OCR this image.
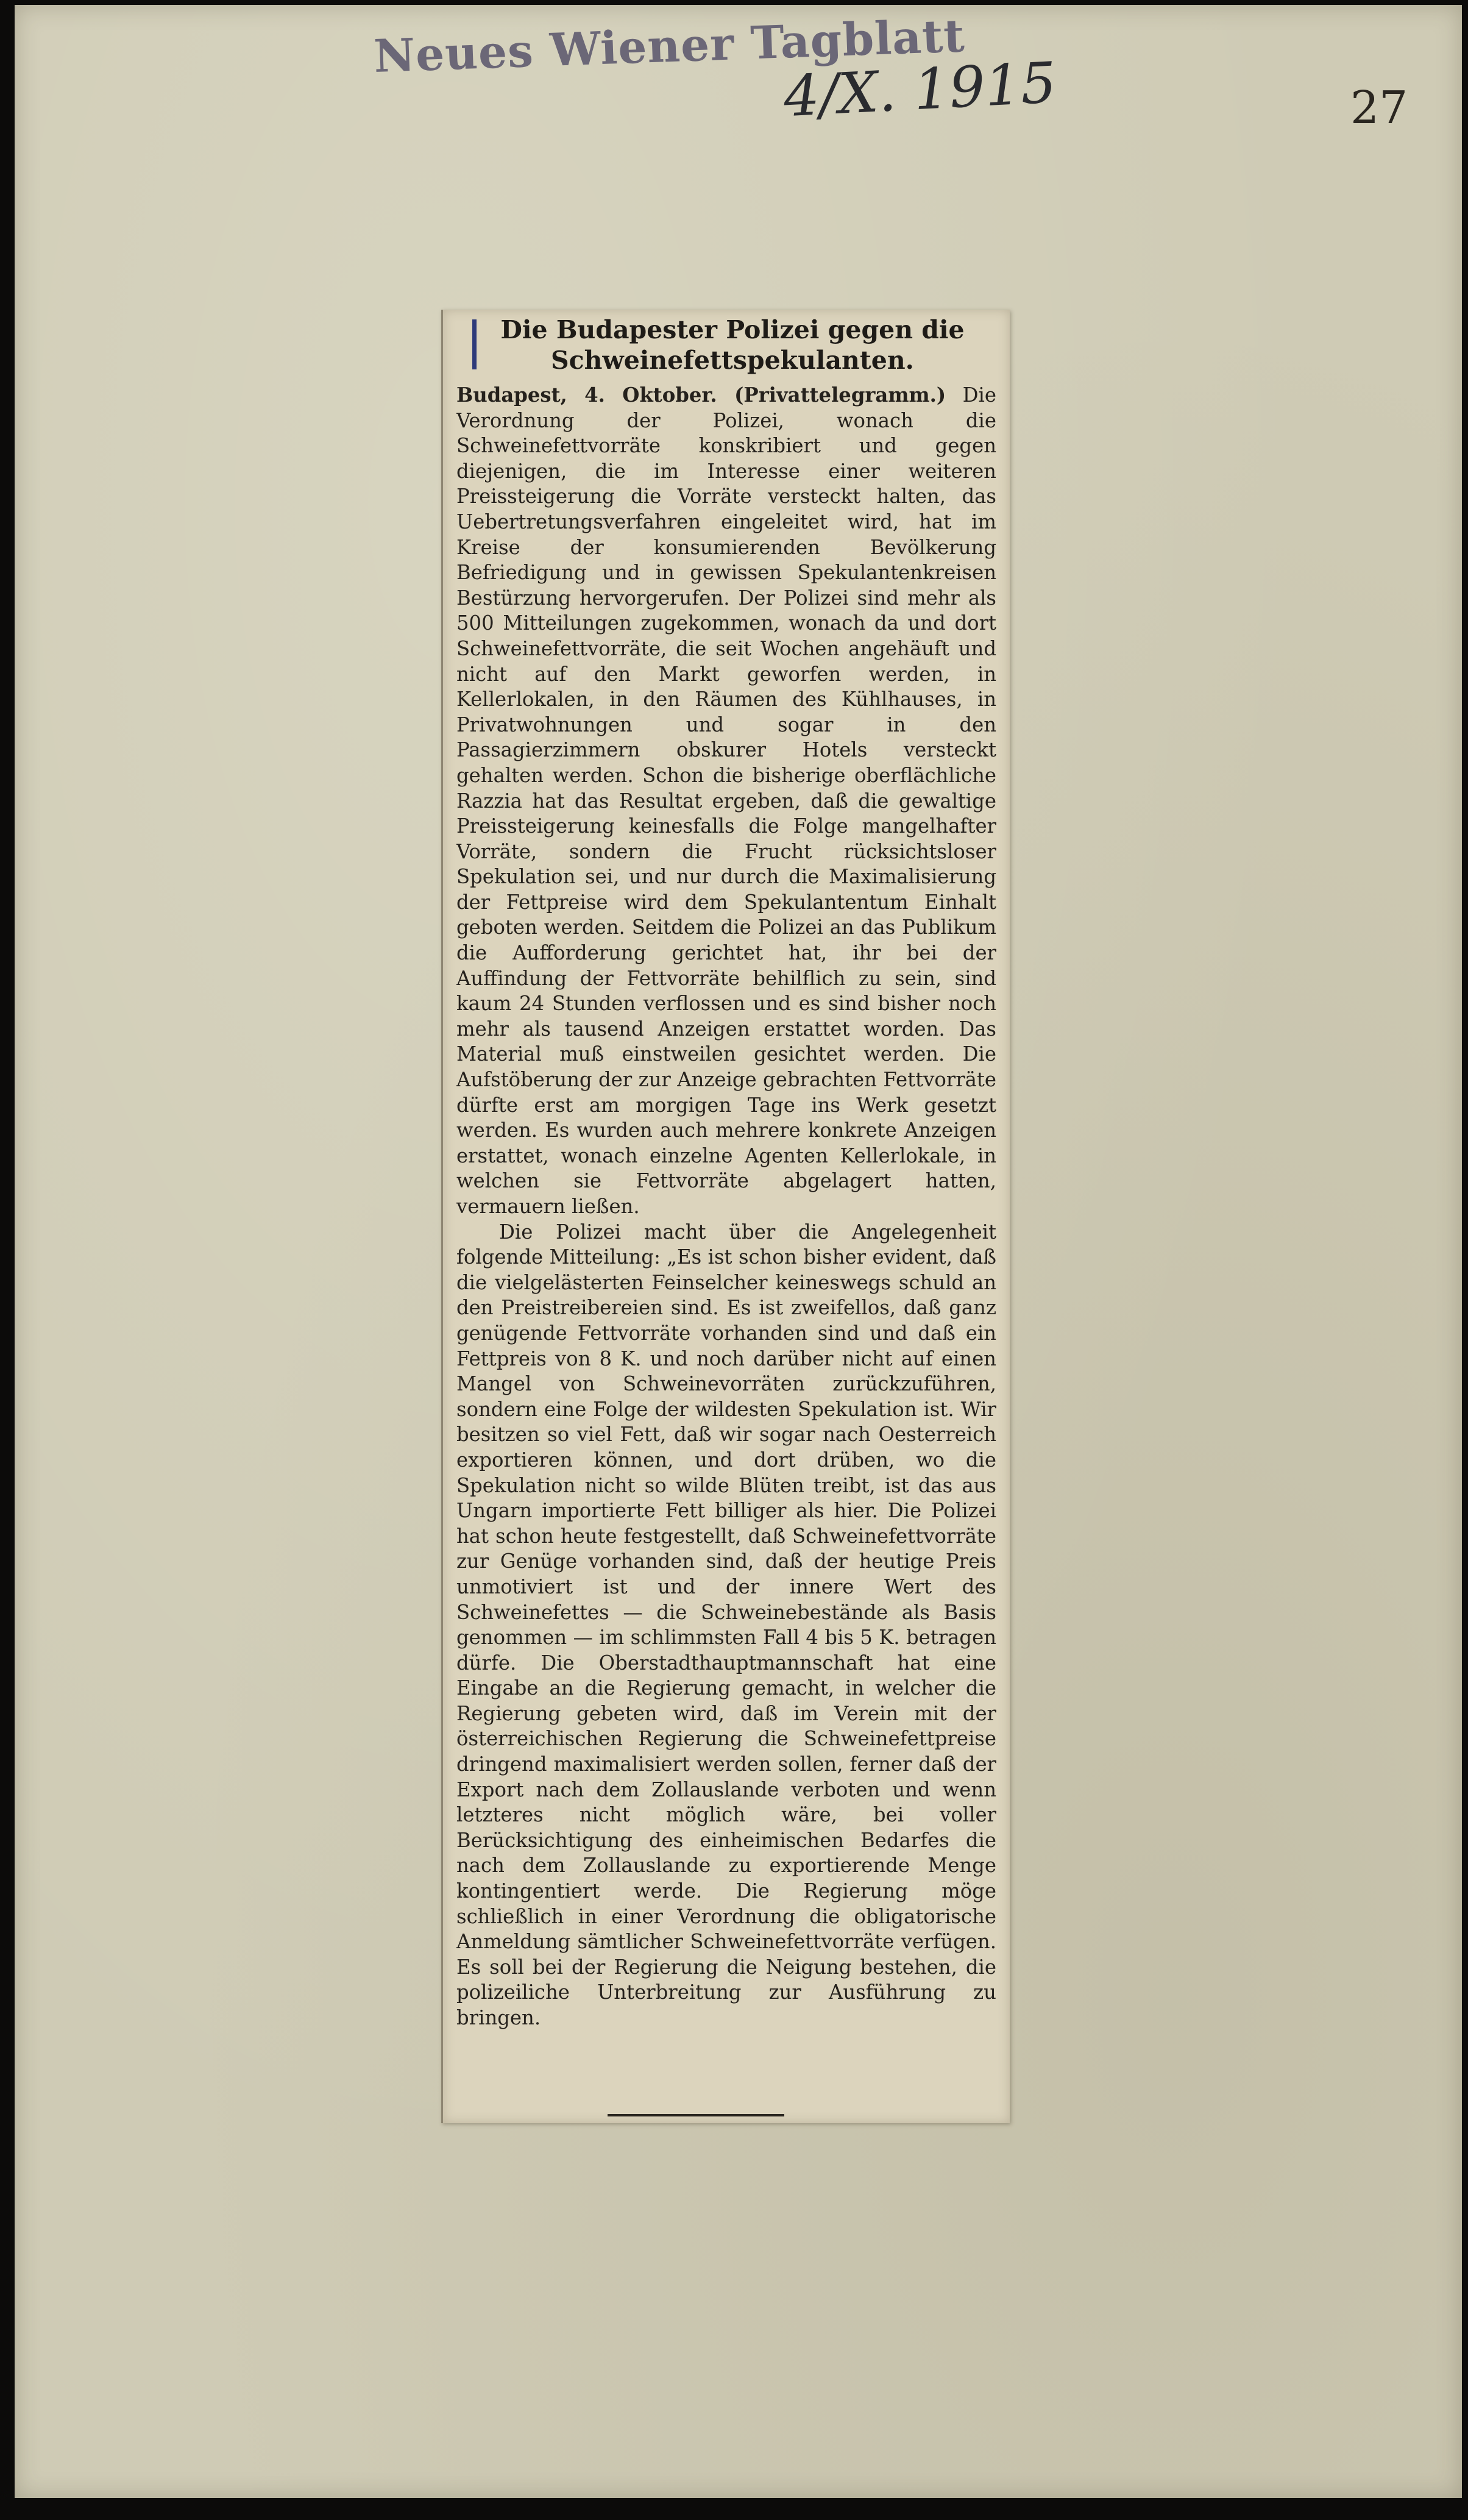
Neues Wiener Tagblatt
4/X. 1915	27
Die Budapester Polizei gegen die
Schweinefettspekulanten.

Budapest, 4. Oktober. (Privattelegramm.) Die Verordnung der Polizei, wonach die Schweinefettvorräte konskribiert und gegen diejenigen, die im Interesse einer weiteren Preissteigerung die Vorräte versteckt halten, das Uebertretungsverfahren eingeleitet wird, hat im Kreise der konsumierenden Bevölkerung Befriedigung und in gewissen Spekulantenkreisen Bestürzung hervorgerufen. Der Polizei sind mehr als 500 Mitteilungen zugekommen, wonach da und dort Schweinefettvorräte, die seit Wochen angehäuft und nicht auf den Markt geworfen werden, in Kellerlokalen, in den Räumen des Kühlhauses, in Privatwohnungen und sogar in den Passagierzimmern obskurer Hotels versteckt gehalten werden. Schon die bisherige oberflächliche Razzia hat das Resultat ergeben, daß die gewaltige Preissteigerung keinesfalls die Folge mangelhafter Vorräte, sondern die Frucht rücksichtsloser Spekulation sei, und nur durch die Maximalisierung der Fettpreise wird dem Spekulantentum Einhalt geboten werden. Seitdem die Polizei an das Publikum die Aufforderung gerichtet hat, ihr bei der Auffindung der Fettvorräte behilflich zu sein, sind kaum 24 Stunden verflossen und es sind bisher noch mehr als tausend Anzeigen erstattet worden. Das Material muß einstweilen gesichtet werden. Die Aufstöberung der zur Anzeige gebrachten Fettvorräte dürfte erst am morgigen Tage ins Werk gesetzt werden. Es wurden auch mehrere konkrete Anzeigen erstattet, wonach einzelne Agenten Kellerlokale, in welchen sie Fettvorräte abgelagert hatten, vermauern ließen.

Die Polizei macht über die Angelegenheit folgende Mitteilung: „Es ist schon bisher evident, daß die vielgelästerten Feinselcher keineswegs schuld an den Preistreibereien sind. Es ist zweifellos, daß ganz genügende Fettvorräte vorhanden sind und daß ein Fettpreis von 8 K. und noch darüber nicht auf einen Mangel von Schweinevorräten zurückzuführen, sondern eine Folge der wildesten Spekulation ist. Wir besitzen so viel Fett, daß wir sogar nach Oesterreich exportieren können, und dort drüben, wo die Spekulation nicht so wilde Blüten treibt, ist das aus Ungarn importierte Fett billiger als hier. Die Polizei hat schon heute festgestellt, daß Schweinefettvorräte zur Genüge vorhanden sind, daß der heutige Preis unmotiviert ist und der innere Wert des Schweinefettes — die Schweinebestände als Basis genommen — im schlimmsten Fall 4 bis 5 K. betragen dürfe. Die Oberstadthauptmannschaft hat eine Eingabe an die Regierung gemacht, in welcher die Regierung gebeten wird, daß im Verein mit der österreichischen Regierung die Schweinefettpreise dringend maximalisiert werden sollen, ferner daß der Export nach dem Zollauslande verboten und wenn letzteres nicht möglich wäre, bei voller Berücksichtigung des einheimischen Bedarfes die nach dem Zollauslande zu exportierende Menge kontingentiert werde. Die Regierung möge schließlich in einer Verordnung die obligatorische Anmeldung sämtlicher Schweinefettvorräte verfügen. Es soll bei der Regierung die Neigung bestehen, die polizeiliche Unterbreitung zur Ausführung zu bringen.
